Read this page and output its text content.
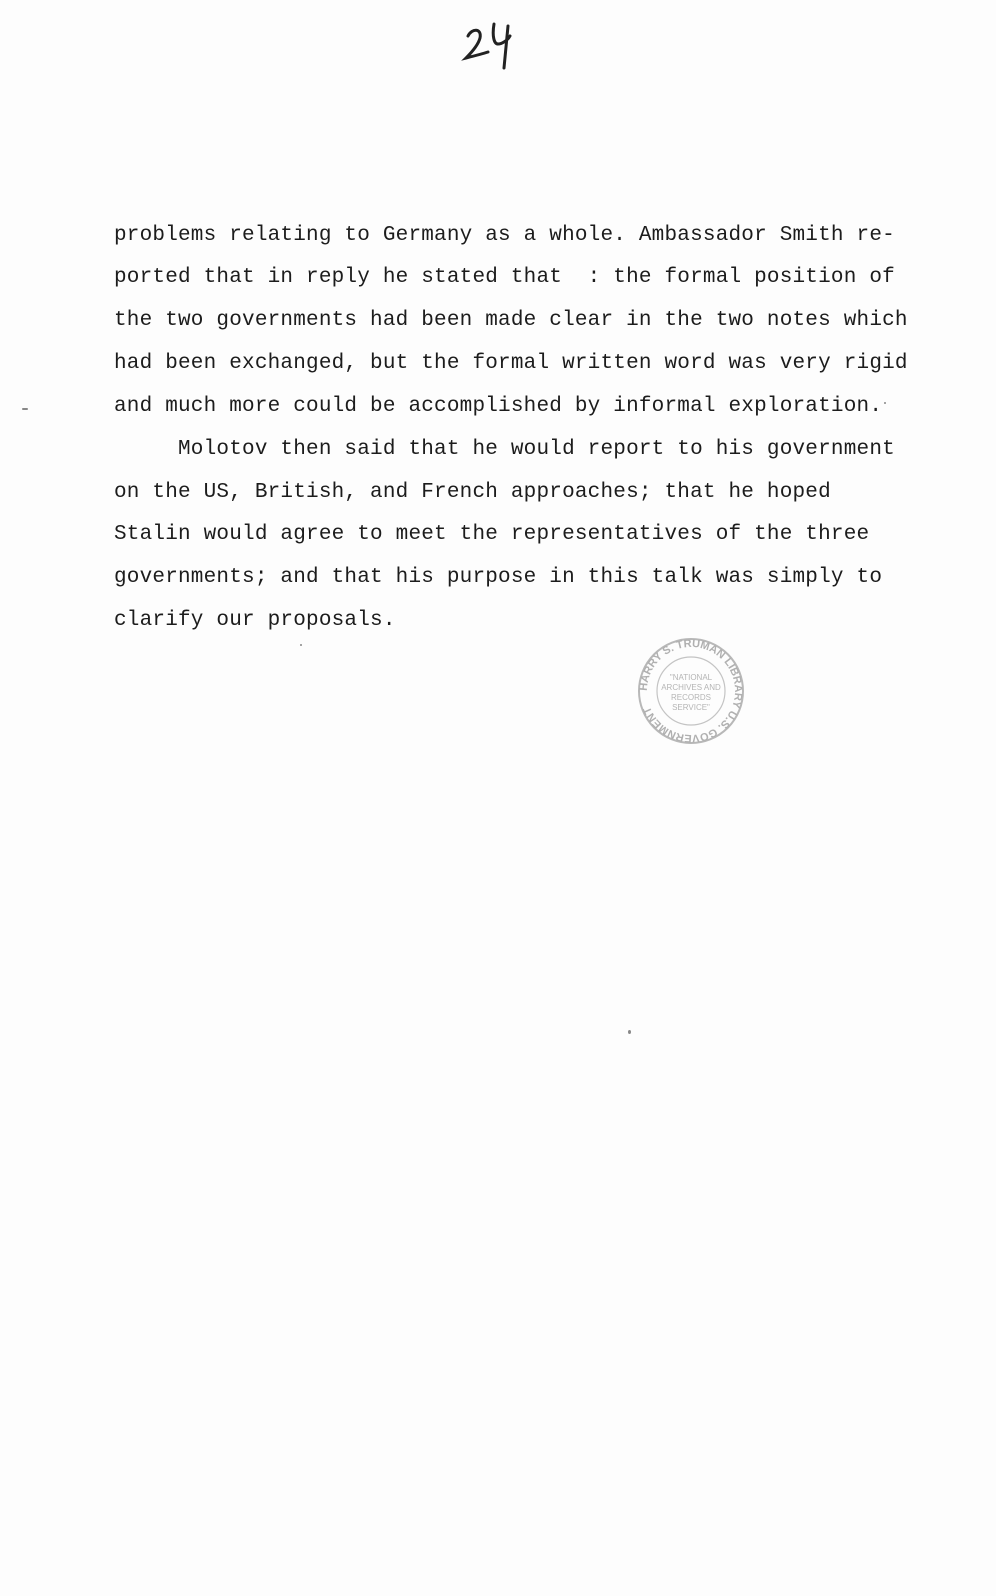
problems relating to Germany as a whole. Ambassador Smith re-
ported that in reply he stated that  : the formal position of
the two governments had been made clear in the two notes which
had been exchanged, but the formal written word was very rigid
and much more could be accomplished by informal exploration.
Molotov then said that he would report to his government
on the US, British, and French approaches; that he hoped
Stalin would agree to meet the representatives of the three
governments; and that his purpose in this talk was simply to
clarify our proposals.
HARRY S. TRUMAN LIBRARY U.S. GOVERNMENT
"NATIONAL
ARCHIVES AND
RECORDS
SERVICE"
